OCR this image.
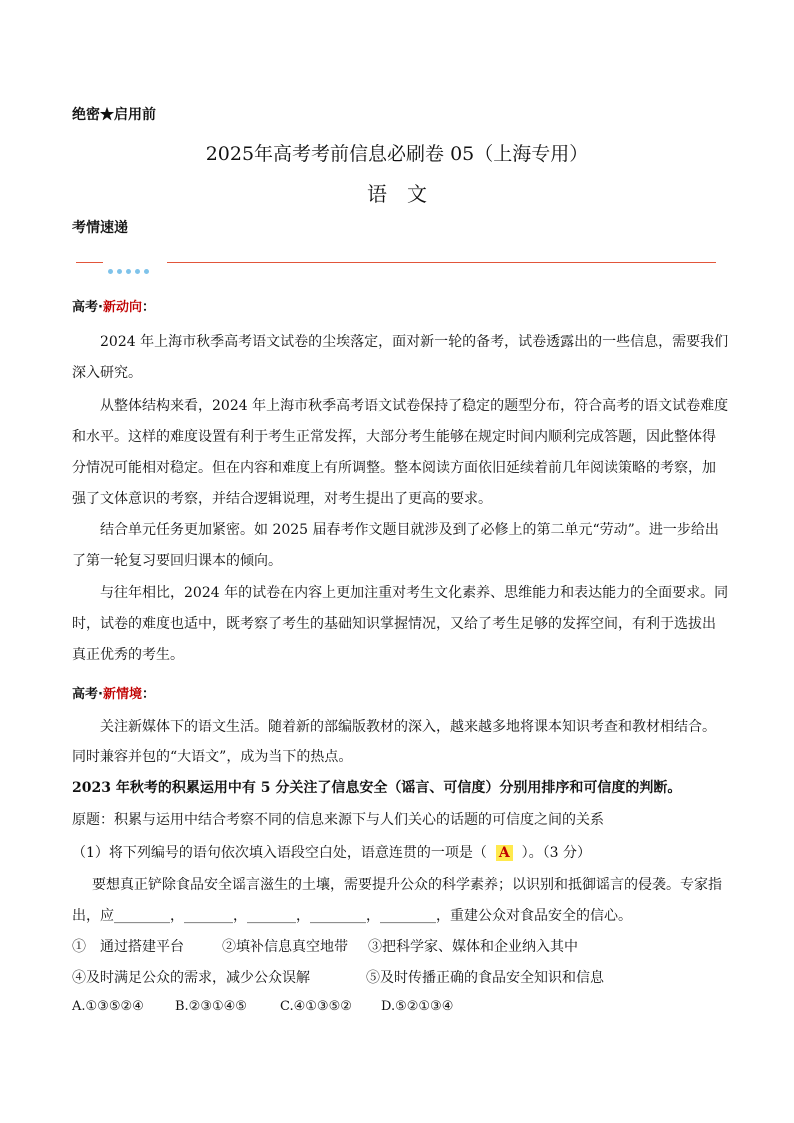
绝密★启用前
2025年高考考前信息必刷卷 05（上海专用）
语　文
考情速递
高考·新动向：
2024 年上海市秋季高考语文试卷的尘埃落定，面对新一轮的备考，试卷透露出的一些信息，需要我们
深入研究。
从整体结构来看，2024 年上海市秋季高考语文试卷保持了稳定的题型分布，符合高考的语文试卷难度
和水平。这样的难度设置有利于考生正常发挥，大部分考生能够在规定时间内顺利完成答题，因此整体得
分情况可能相对稳定。但在内容和难度上有所调整。整本阅读方面依旧延续着前几年阅读策略的考察，加
强了文体意识的考察，并结合逻辑说理，对考生提出了更高的要求。
结合单元任务更加紧密。如 2025 届春考作文题目就涉及到了必修上的第二单元“劳动”。进一步给出
了第一轮复习要回归课本的倾向。
与往年相比，2024 年的试卷在内容上更加注重对考生文化素养、思维能力和表达能力的全面要求。同
时，试卷的难度也适中，既考察了考生的基础知识掌握情况，又给了考生足够的发挥空间，有利于选拔出
真正优秀的考生。
高考·新情境：
关注新媒体下的语文生活。随着新的部编版教材的深入，越来越多地将课本知识考查和教材相结合。
同时兼容并包的“大语文”，成为当下的热点。
2023 年秋考的积累运用中有 5 分关注了信息安全（谣言、可信度）分别用排序和可信度的判断。
原题：积累与运用中结合考察不同的信息来源下与人们关心的话题的可信度之间的关系
（1）将下列编号的语句依次填入语段空白处，语意连贯的一项是（ A ）。（3 分）
要想真正铲除食品安全谣言滋生的土壤，需要提升公众的科学素养；以识别和抵御谣言的侵袭。专家指
出，应________，_______，_______，________，________，重建公众对食品安全的信心。
①　通过搭建平台	②填补信息真空地带 ③把科学家、媒体和企业纳入其中
④及时满足公众的需求，减少公众误解	⑤及时传播正确的食品安全知识和信息
A.①③⑤②④ B.②③①④⑤	C.④①③⑤② D.⑤②①③④
